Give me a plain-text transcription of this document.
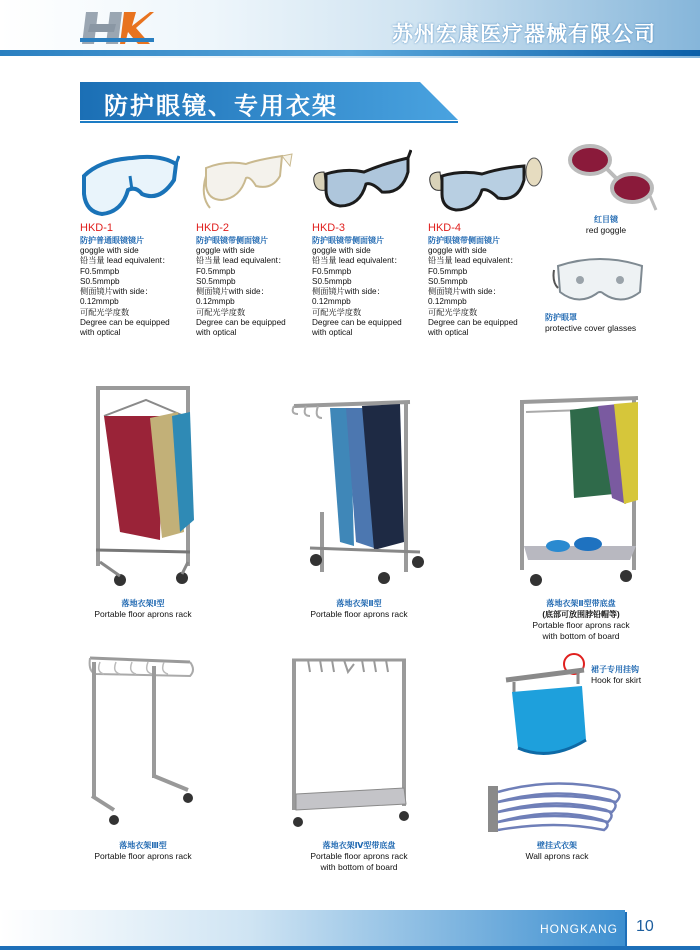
苏州宏康医疗器械有限公司
防护眼镜、专用衣架
HKD-1
防护普通眼镜镜片
goggle with side
铅当量 lead equivalent：
F0.5mmpb
S0.5mmpb
侧面镜片with side：
0.12mmpb
可配光学度数
Degree can be equipped
with optical
HKD-2
防护眼镜带侧面镜片
goggle with side
铅当量 lead equivalent：
F0.5mmpb
S0.5mmpb
侧面镜片with side：
0.12mmpb
可配光学度数
Degree can be equipped
with optical
HKD-3
防护眼镜带侧面镜片
goggle with side
铅当量 lead equivalent：
F0.5mmpb
S0.5mmpb
侧面镜片with side：
0.12mmpb
可配光学度数
Degree can be equipped
with optical
HKD-4
防护眼镜带侧面镜片
goggle with side
铅当量 lead equivalent：
F0.5mmpb
S0.5mmpb
侧面镜片with side：
0.12mmpb
可配光学度数
Degree can be equipped
with optical
红目镜
red goggle
防护眼罩
protective cover glasses
落地衣架Ⅰ型
Portable floor aprons rack
落地衣架Ⅱ型
Portable floor aprons rack
落地衣架Ⅱ型带底盘
(底部可放围脖铅帽等)
Portable floor aprons rack
with bottom of board
落地衣架Ⅲ型
Portable floor aprons rack
落地衣架Ⅳ型带底盘
Portable floor aprons rack
with bottom of board
裙子专用挂钩
Hook for skirt
壁挂式衣架
Wall aprons rack
HONGKANG 10
